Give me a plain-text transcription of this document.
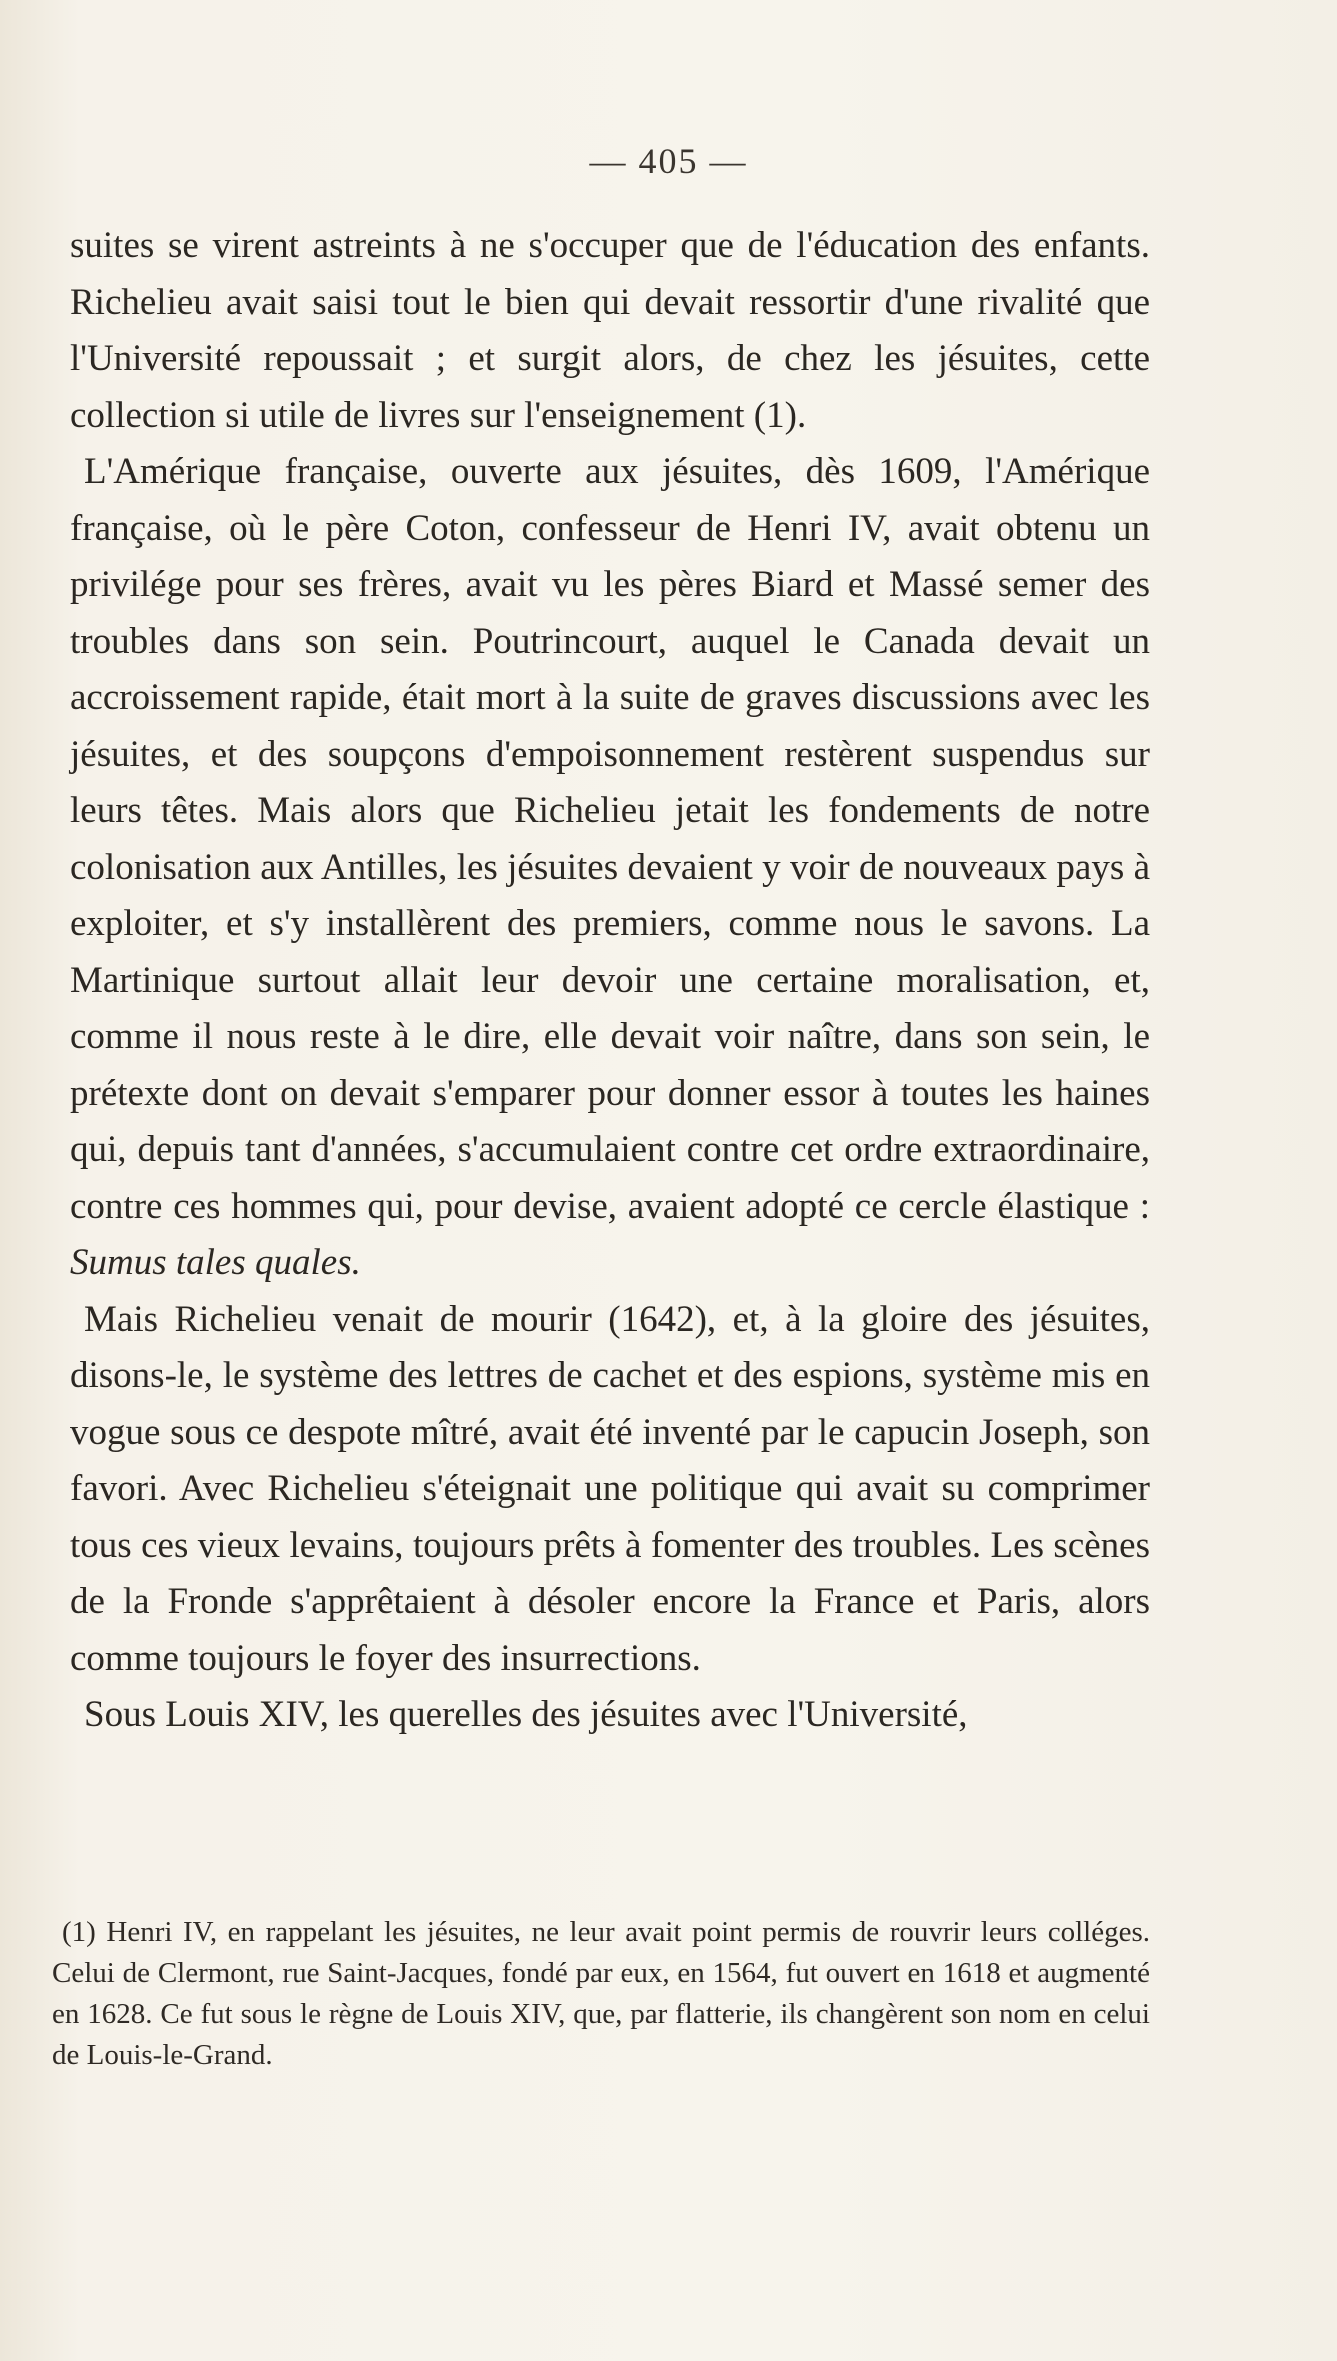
— 405 —

suites se virent astreints à ne s'occuper que de l'éducation des enfants. Richelieu avait saisi tout le bien qui devait ressortir d'une rivalité que l'Université repoussait ; et surgit alors, de chez les jésuites, cette collection si utile de livres sur l'enseignement (1).

L'Amérique française, ouverte aux jésuites, dès 1609, l'Amérique française, où le père Coton, confesseur de Henri IV, avait obtenu un privilége pour ses frères, avait vu les pères Biard et Massé semer des troubles dans son sein. Poutrincourt, auquel le Canada devait un accroissement rapide, était mort à la suite de graves discussions avec les jésuites, et des soupçons d'empoisonnement restèrent suspendus sur leurs têtes. Mais alors que Richelieu jetait les fondements de notre colonisation aux Antilles, les jésuites devaient y voir de nouveaux pays à exploiter, et s'y installèrent des premiers, comme nous le savons. La Martinique surtout allait leur devoir une certaine moralisation, et, comme il nous reste à le dire, elle devait voir naître, dans son sein, le prétexte dont on devait s'emparer pour donner essor à toutes les haines qui, depuis tant d'années, s'accumulaient contre cet ordre extraordinaire, contre ces hommes qui, pour devise, avaient adopté ce cercle élastique : Sumus tales quales.

Mais Richelieu venait de mourir (1642), et, à la gloire des jésuites, disons-le, le système des lettres de cachet et des espions, système mis en vogue sous ce despote mîtré, avait été inventé par le capucin Joseph, son favori. Avec Richelieu s'éteignait une politique qui avait su comprimer tous ces vieux levains, toujours prêts à fomenter des troubles. Les scènes de la Fronde s'apprêtaient à désoler encore la France et Paris, alors comme toujours le foyer des insurrections.

Sous Louis XIV, les querelles des jésuites avec l'Université,

(1) Henri IV, en rappelant les jésuites, ne leur avait point permis de rouvrir leurs colléges. Celui de Clermont, rue Saint-Jacques, fondé par eux, en 1564, fut ouvert en 1618 et augmenté en 1628. Ce fut sous le règne de Louis XIV, que, par flatterie, ils changèrent son nom en celui de Louis-le-Grand.
